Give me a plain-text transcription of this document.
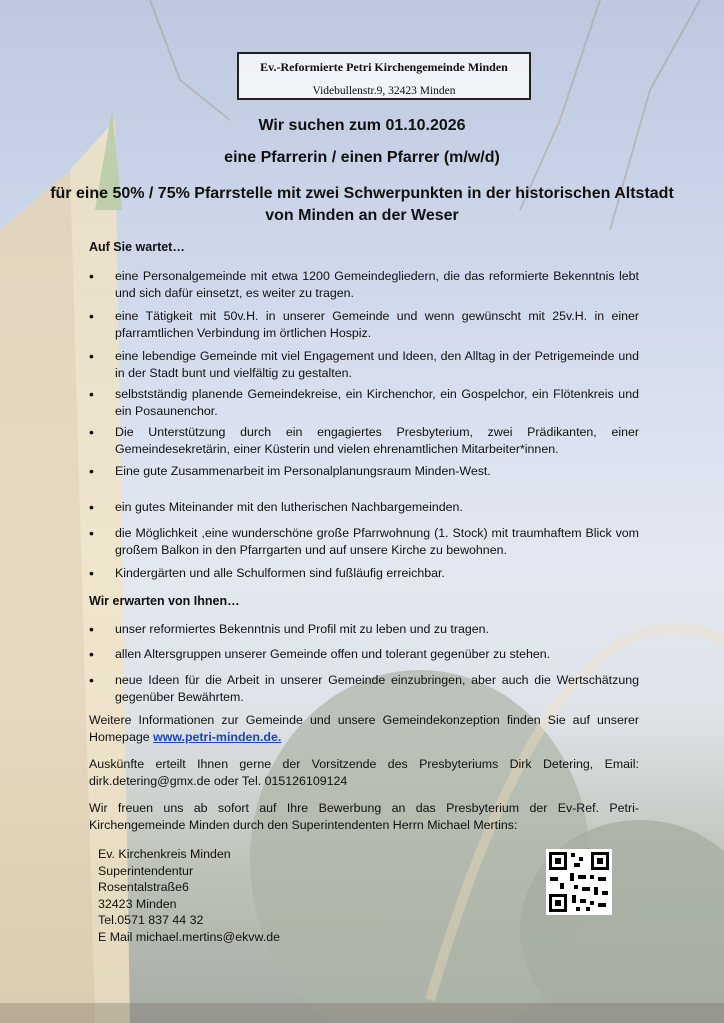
Ev.-Reformierte Petri Kirchengemeinde Minden
Videbullenstr.9, 32423 Minden
Wir suchen zum 01.10.2026
eine Pfarrerin / einen Pfarrer (m/w/d)
für eine 50% / 75% Pfarrstelle mit zwei Schwerpunkten in der historischen Altstadt von Minden an der Weser
Auf Sie wartet…
• eine Personalgemeinde mit etwa 1200 Gemeindegliedern, die das reformierte Bekenntnis lebt und sich dafür einsetzt, es weiter zu tragen.
• eine Tätigkeit mit 50v.H. in unserer Gemeinde und wenn gewünscht mit 25v.H. in einer pfarramtlichen Verbindung im örtlichen Hospiz.
• eine lebendige Gemeinde mit viel Engagement und Ideen, den Alltag in der Petrigemeinde und in der Stadt bunt und vielfältig zu gestalten.
• selbstständig planende Gemeindekreise, ein Kirchenchor, ein Gospelchor, ein Flötenkreis und ein Posaunenchor.
• Die Unterstützung durch ein engagiertes Presbyterium, zwei Prädikanten, einer Gemeindesekretärin, einer Küsterin und vielen ehrenamtlichen Mitarbeiter*innen.
• Eine gute Zusammenarbeit im Personalplanungsraum Minden-West.
• ein gutes Miteinander mit den lutherischen Nachbargemeinden.
• die Möglichkeit ,eine wunderschöne große Pfarrwohnung (1. Stock) mit traumhaftem Blick vom großem Balkon in den Pfarrgarten und auf unsere Kirche zu bewohnen.
• Kindergärten und alle Schulformen sind fußläufig erreichbar.
Wir erwarten von Ihnen…
• unser reformiertes Bekenntnis und Profil mit zu leben und zu tragen.
• allen Altersgruppen unserer Gemeinde offen und tolerant gegenüber zu stehen.
• neue Ideen für die Arbeit in unserer Gemeinde einzubringen, aber auch die Wertschätzung gegenüber Bewährtem.
Weitere Informationen zur Gemeinde und unsere Gemeindekonzeption finden Sie auf unserer Homepage www.petri-minden.de.
Auskünfte erteilt Ihnen gerne der Vorsitzende des Presbyteriums Dirk Detering, Email: dirk.detering@gmx.de oder Tel. 015126109124
Wir freuen uns ab sofort auf Ihre Bewerbung an das Presbyterium der Ev-Ref. Petri-Kirchengemeinde Minden durch den Superintendenten Herrn Michael Mertins:
Ev. Kirchenkreis Minden
Superintendentur
Rosentalstraße6
32423 Minden
Tel.0571 837 44 32
E Mail michael.mertins@ekvw.de
